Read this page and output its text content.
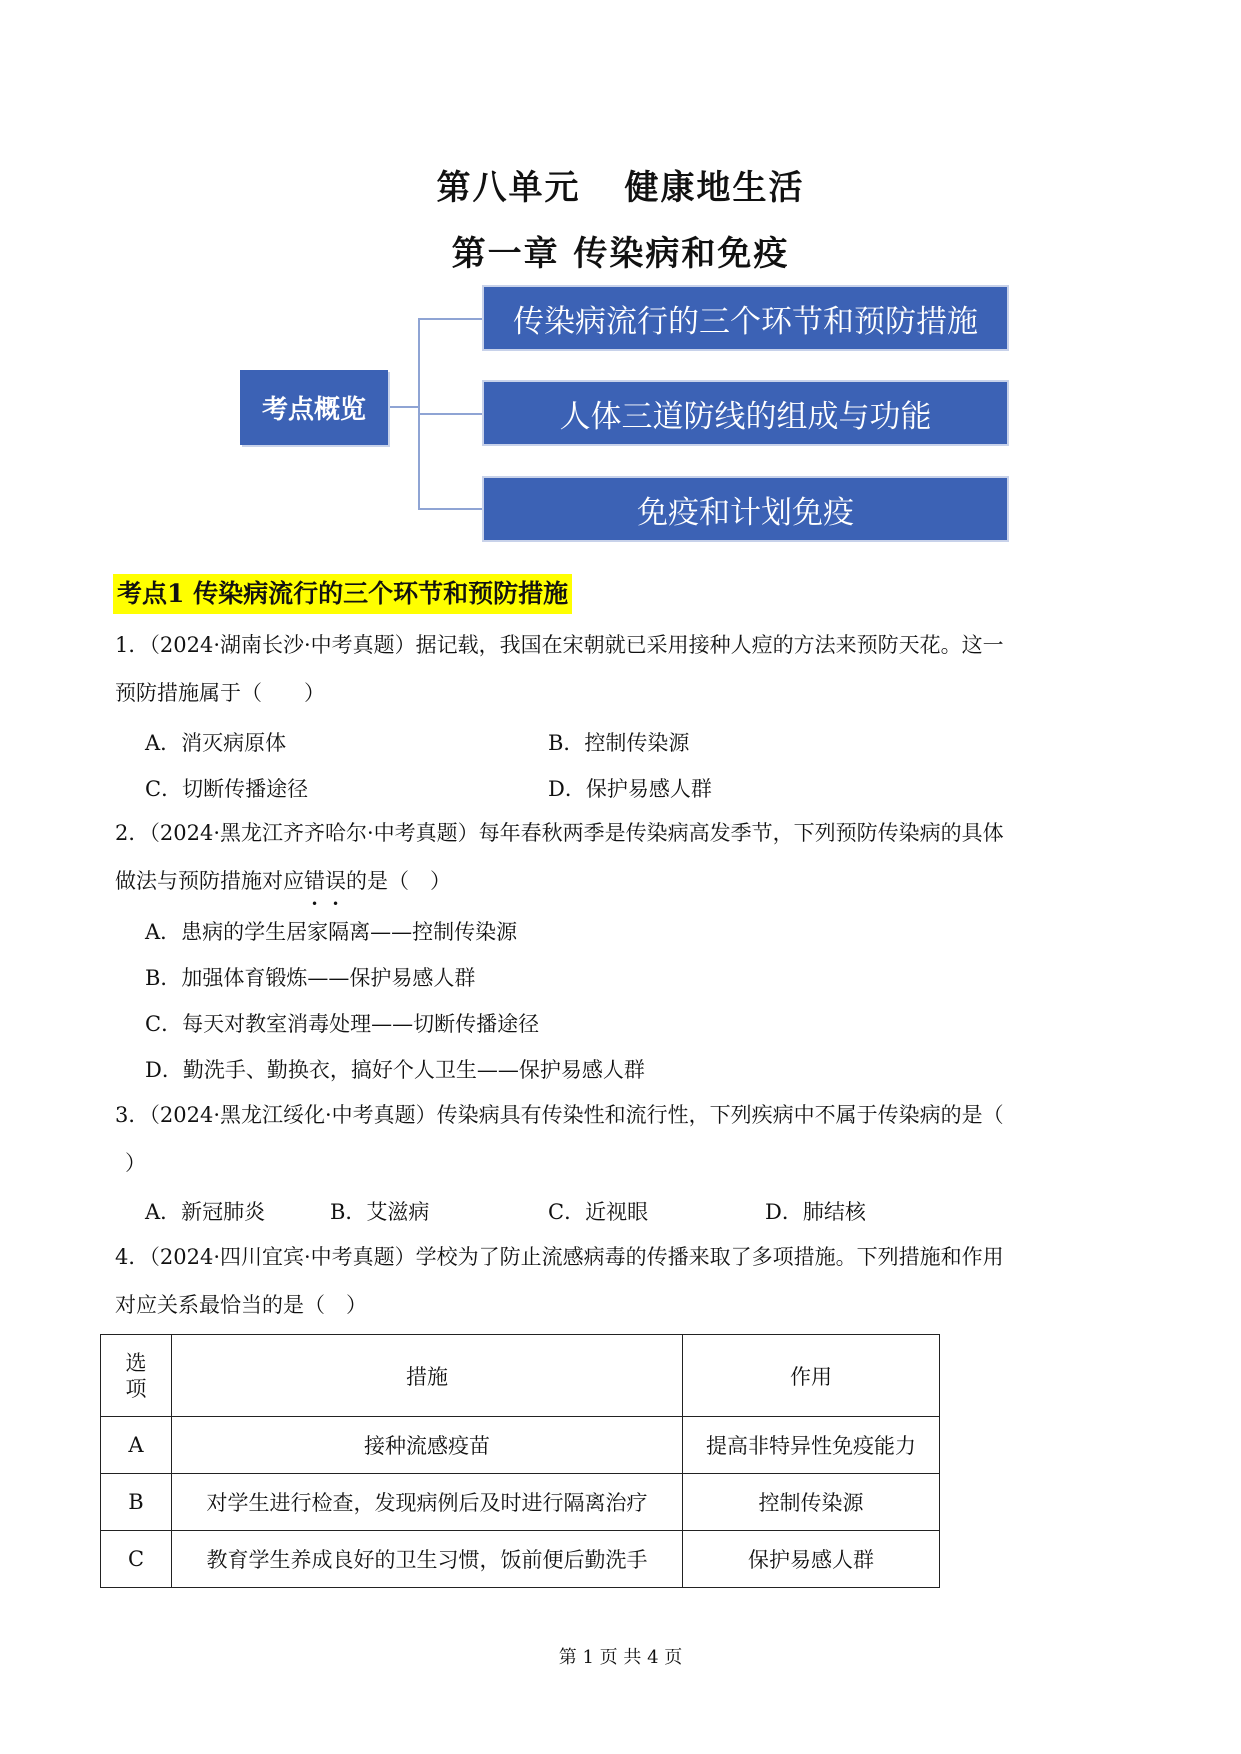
第八单元 健康地生活
第一章 传染病和免疫
考点概览
传染病流行的三个环节和预防措施
人体三道防线的组成与功能
免疫和计划免疫
考点1 传染病流行的三个环节和预防措施
1．（2024·湖南长沙·中考真题）据记载，我国在宋朝就已采用接种人痘的方法来预防天花。这一
预防措施属于（　　）
A．消灭病原体	B．控制传染源
C．切断传播途径	D．保护易感人群
2．（2024·黑龙江齐齐哈尔·中考真题）每年春秋两季是传染病高发季节，下列预防传染病的具体
做法与预防措施对应错误的是（　）
A．患病的学生居家隔离——控制传染源
B．加强体育锻炼——保护易感人群
C．每天对教室消毒处理——切断传播途径
D．勤洗手、勤换衣，搞好个人卫生——保护易感人群
3．（2024·黑龙江绥化·中考真题）传染病具有传染性和流行性，下列疾病中不属于传染病的是（
）
A．新冠肺炎	B．艾滋病	C．近视眼	D．肺结核
4．（2024·四川宜宾·中考真题）学校为了防止流感病毒的传播来取了多项措施。下列措施和作用
对应关系最恰当的是（　）
选项	措施	作用
A	接种流感疫苗	提高非特异性免疫能力
B	对学生进行检查，发现病例后及时进行隔离治疗	控制传染源
C	教育学生养成良好的卫生习惯，饭前便后勤洗手	保护易感人群
第 1 页 共 4 页
